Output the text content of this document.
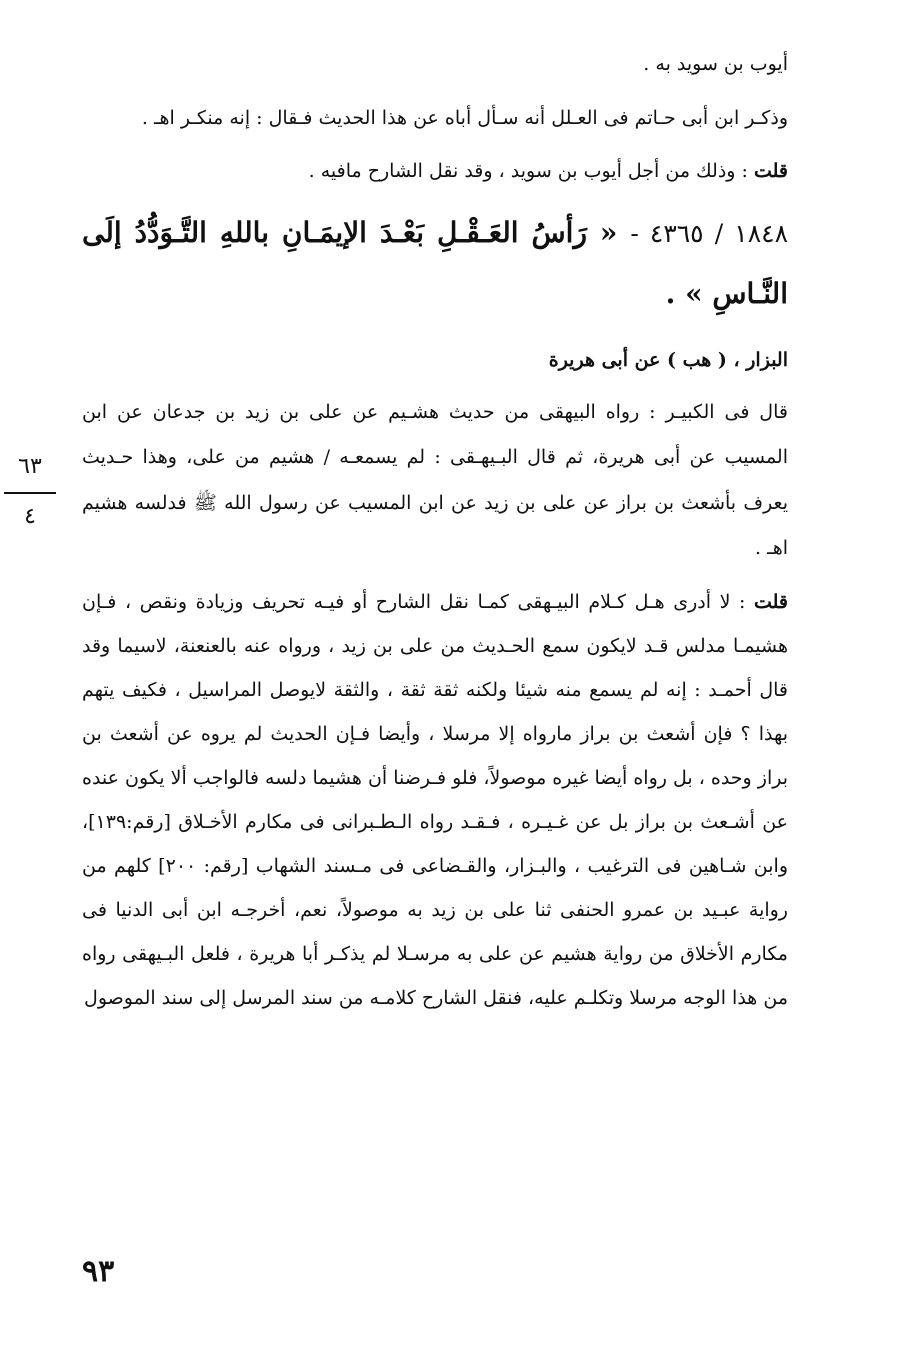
٦٣
٤

أيوب بن سويد به .

وذكـر ابن أبى حـاتم فى العـلل أنه سـأل أباه عن هذا الحديث فـقال : إنه منكـر اهـ .

قلت : وذلك من أجل أيوب بن سويد ، وقد نقل الشارح مافيه .

١٨٤٨ / ٤٣٦٥ - « رَأسُ العَـقْـلِ بَعْـدَ الإيمَـانِ باللهِ التَّـوَدُّدُ إلَى النَّـاسِ » .

البزار ، ( هب ) عن أبى هريرة

قال فى الكبيـر : رواه البيهقى من حديث هشـيم عن على بن زيد بن جدعان عن ابن المسيب عن أبى هريرة، ثم قال البـيهـقى : لم يسمعـه / هشيم من على، وهذا حـديث يعرف بأشعث بن براز عن على بن زيد عن ابن المسيب عن رسول الله ﷺ فدلسه هشيم اهـ .

قلت : لا أدرى هـل كـلام البيـهقى كمـا نقل الشارح أو فيـه تحريف وزيادة ونقص ، فـإن هشيمـا مدلس قـد لايكون سمع الحـديث من على بن زيد ، ورواه عنه بالعنعنة، لاسيما وقد قال أحمـد : إنه لم يسمع منه شيئا ولكنه ثقة ثقة ، والثقة لايوصل المراسيل ، فكيف يتهم بهذا ؟ فإن أشعث بن براز مارواه إلا مرسلا ، وأيضا فـإن الحديث لم يروه عن أشعث بن براز وحده ، بل رواه أيضا غيره موصولاً، فلو فـرضنا أن هشيما دلسه فالواجب ألا يكون عنده عن أشـعث بن براز بل عن غـيـره ، فـقـد رواه الـطـبرانى فى مكارم الأخـلاق [رقم:١٣٩]، وابن شـاهين فى الترغيب ، والبـزار، والقـضاعى فى مـسند الشهاب [رقم: ٢٠٠] كلهم من رواية عبـيد بن عمرو الحنفى ثنا على بن زيد به موصولاً، نعم، أخرجـه ابن أبى الدنيا فى مكارم الأخلاق من رواية هشيم عن على به مرسـلا لم يذكـر أبا هريرة ، فلعل البـيهقى رواه من هذا الوجه مرسلا وتكلـم عليه، فنقل الشارح كلامـه من سند المرسل إلى سند الموصول

٩٣
